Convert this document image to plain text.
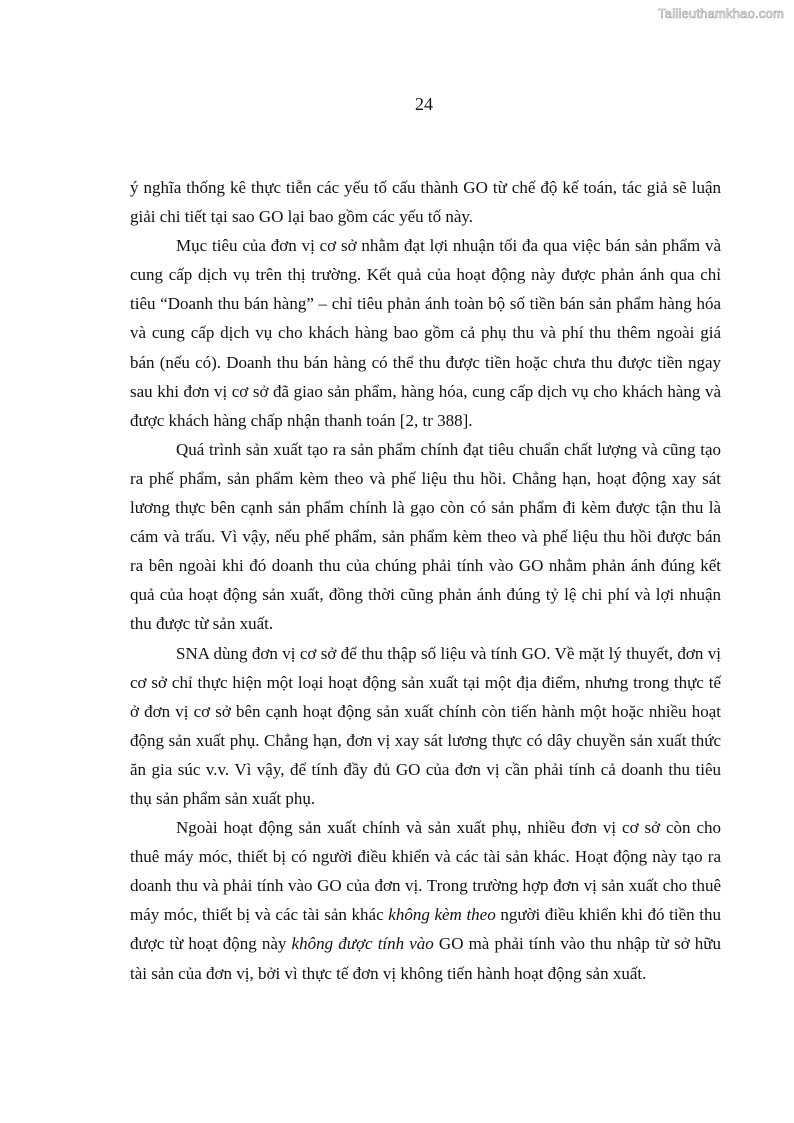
Tailieuthamkhao.com
24

ý nghĩa thống kê thực tiễn các yếu tố cấu thành GO từ chế độ kế toán, tác giả sẽ luận giải chi tiết tại sao GO lại bao gồm các yếu tố này.

Mục tiêu của đơn vị cơ sở nhằm đạt lợi nhuận tối đa qua việc bán sản phẩm và cung cấp dịch vụ trên thị trường. Kết quả của hoạt động này được phản ánh qua chỉ tiêu “Doanh thu bán hàng” – chỉ tiêu phản ánh toàn bộ số tiền bán sản phẩm hàng hóa và cung cấp dịch vụ cho khách hàng bao gồm cả phụ thu và phí thu thêm ngoài giá bán (nếu có). Doanh thu bán hàng có thể thu được tiền hoặc chưa thu được tiền ngay sau khi đơn vị cơ sở đã giao sản phẩm, hàng hóa, cung cấp dịch vụ cho khách hàng và được khách hàng chấp nhận thanh toán [2, tr 388].

Quá trình sản xuất tạo ra sản phẩm chính đạt tiêu chuẩn chất lượng và cũng tạo ra phế phẩm, sản phẩm kèm theo và phế liệu thu hồi. Chẳng hạn, hoạt động xay sát lương thực bên cạnh sản phẩm chính là gạo còn có sản phẩm đi kèm được tận thu là cám và trấu. Vì vậy, nếu phế phẩm, sản phẩm kèm theo và phế liệu thu hồi được bán ra bên ngoài khi đó doanh thu của chúng phải tính vào GO nhằm phản ánh đúng kết quả của hoạt động sản xuất, đồng thời cũng phản ánh đúng tỷ lệ chi phí và lợi nhuận thu được từ sản xuất.

SNA dùng đơn vị cơ sở để thu thập số liệu và tính GO. Về mặt lý thuyết, đơn vị cơ sở chỉ thực hiện một loại hoạt động sản xuất tại một địa điểm, nhưng trong thực tế ở đơn vị cơ sở bên cạnh hoạt động sản xuất chính còn tiến hành một hoặc nhiều hoạt động sản xuất phụ. Chẳng hạn, đơn vị xay sát lương thực có dây chuyền sản xuất thức ăn gia súc v.v. Vì vậy, để tính đầy đủ GO của đơn vị cần phải tính cả doanh thu tiêu thụ sản phẩm sản xuất phụ.

Ngoài hoạt động sản xuất chính và sản xuất phụ, nhiều đơn vị cơ sở còn cho thuê máy móc, thiết bị có người điều khiển và các tài sản khác. Hoạt động này tạo ra doanh thu và phải tính vào GO của đơn vị. Trong trường hợp đơn vị sản xuất cho thuê máy móc, thiết bị và các tài sản khác không kèm theo người điều khiển khi đó tiền thu được từ hoạt động này không được tính vào GO mà phải tính vào thu nhập từ sở hữu tài sản của đơn vị, bởi vì thực tế đơn vị không tiến hành hoạt động sản xuất.
